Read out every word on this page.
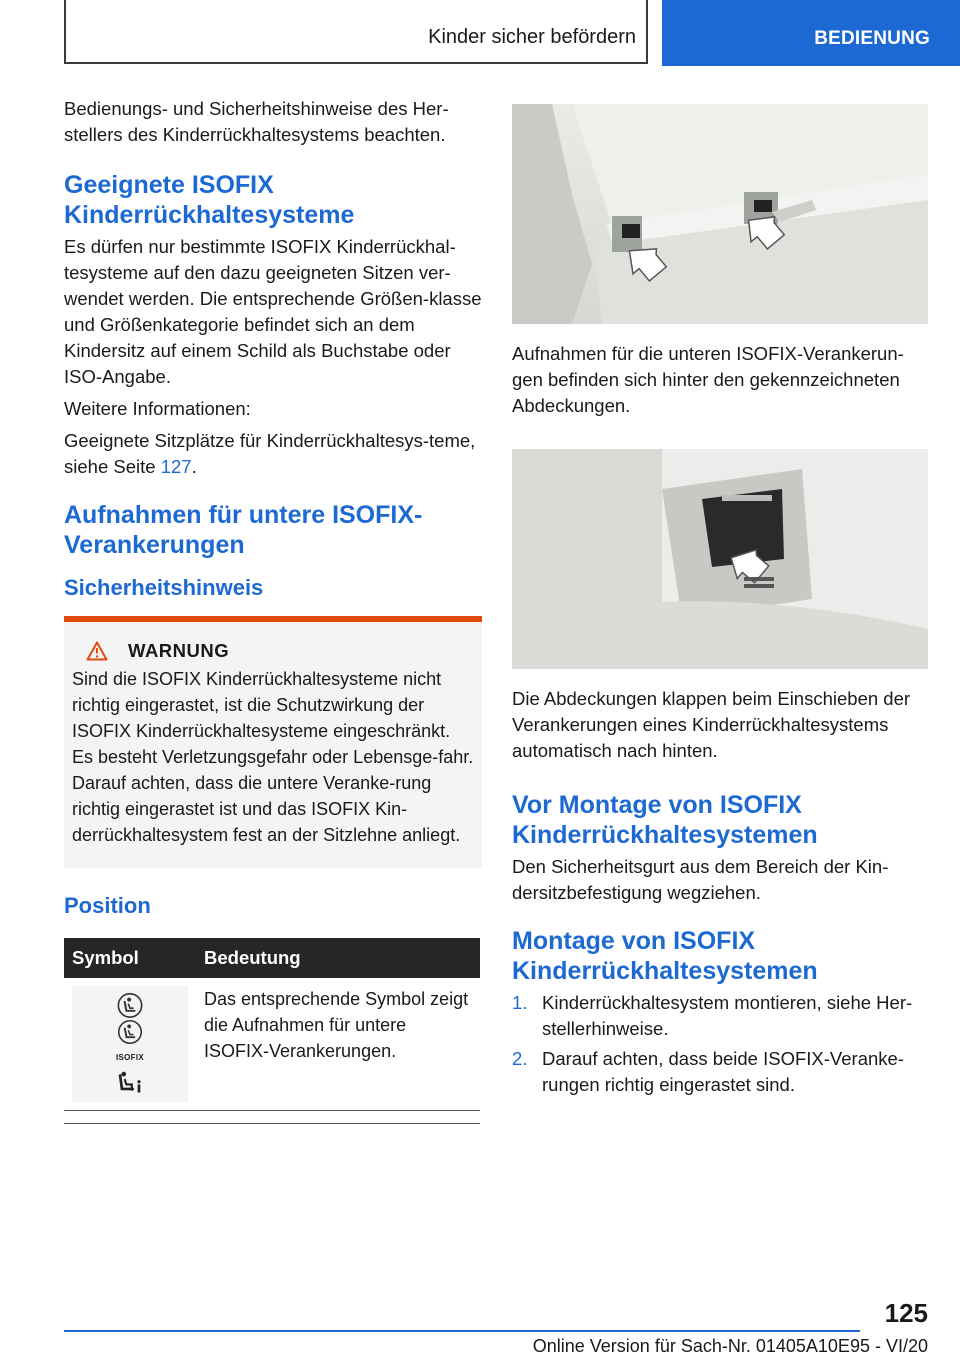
Kinder sicher befördern	BEDIENUNG

Bedienungs- und Sicherheitshinweise des Her-stellers des Kinderrückhaltesystems beachten.

Geeignete ISOFIX Kinderrückhaltesysteme

Es dürfen nur bestimmte ISOFIX Kinderrückhal-tesysteme auf den dazu geeigneten Sitzen ver-wendet werden. Die entsprechende Größen-klasse und Größenkategorie befindet sich an dem Kindersitz auf einem Schild als Buchstabe oder ISO-Angabe.

Weitere Informationen:

Geeignete Sitzplätze für Kinderrückhaltesys-teme, siehe Seite 127.

Aufnahmen für untere ISOFIX-Verankerungen
Sicherheitshinweis
WARNUNG

Sind die ISOFIX Kinderrückhaltesysteme nicht richtig eingerastet, ist die Schutzwirkung der ISOFIX Kinderrückhaltesysteme eingeschränkt. Es besteht Verletzungsgefahr oder Lebensge-fahr. Darauf achten, dass die untere Veranke-rung richtig eingerastet ist und das ISOFIX Kin-derrückhaltesystem fest an der Sitzlehne anliegt.

Position
Symbol	Bedeutung

ISOFIX	Das entsprechende Symbol zeigt die Aufnahmen für untere ISOFIX-Verankerungen.

Aufnahmen für die unteren ISOFIX-Verankerun-gen befinden sich hinter den gekennzeichneten Abdeckungen.

Die Abdeckungen klappen beim Einschieben der Verankerungen eines Kinderrückhaltesystems automatisch nach hinten.

Vor Montage von ISOFIX Kinderrückhaltesystemen

Den Sicherheitsgurt aus dem Bereich der Kin-dersitzbefestigung wegziehen.

Montage von ISOFIX Kinderrückhaltesystemen
1. Kinderrückhaltesystem montieren, siehe Her-stellerhinweise.
2. Darauf achten, dass beide ISOFIX-Veranke-rungen richtig eingerastet sind.
125
Online Version für Sach-Nr. 01405A10E95 - VI/20
